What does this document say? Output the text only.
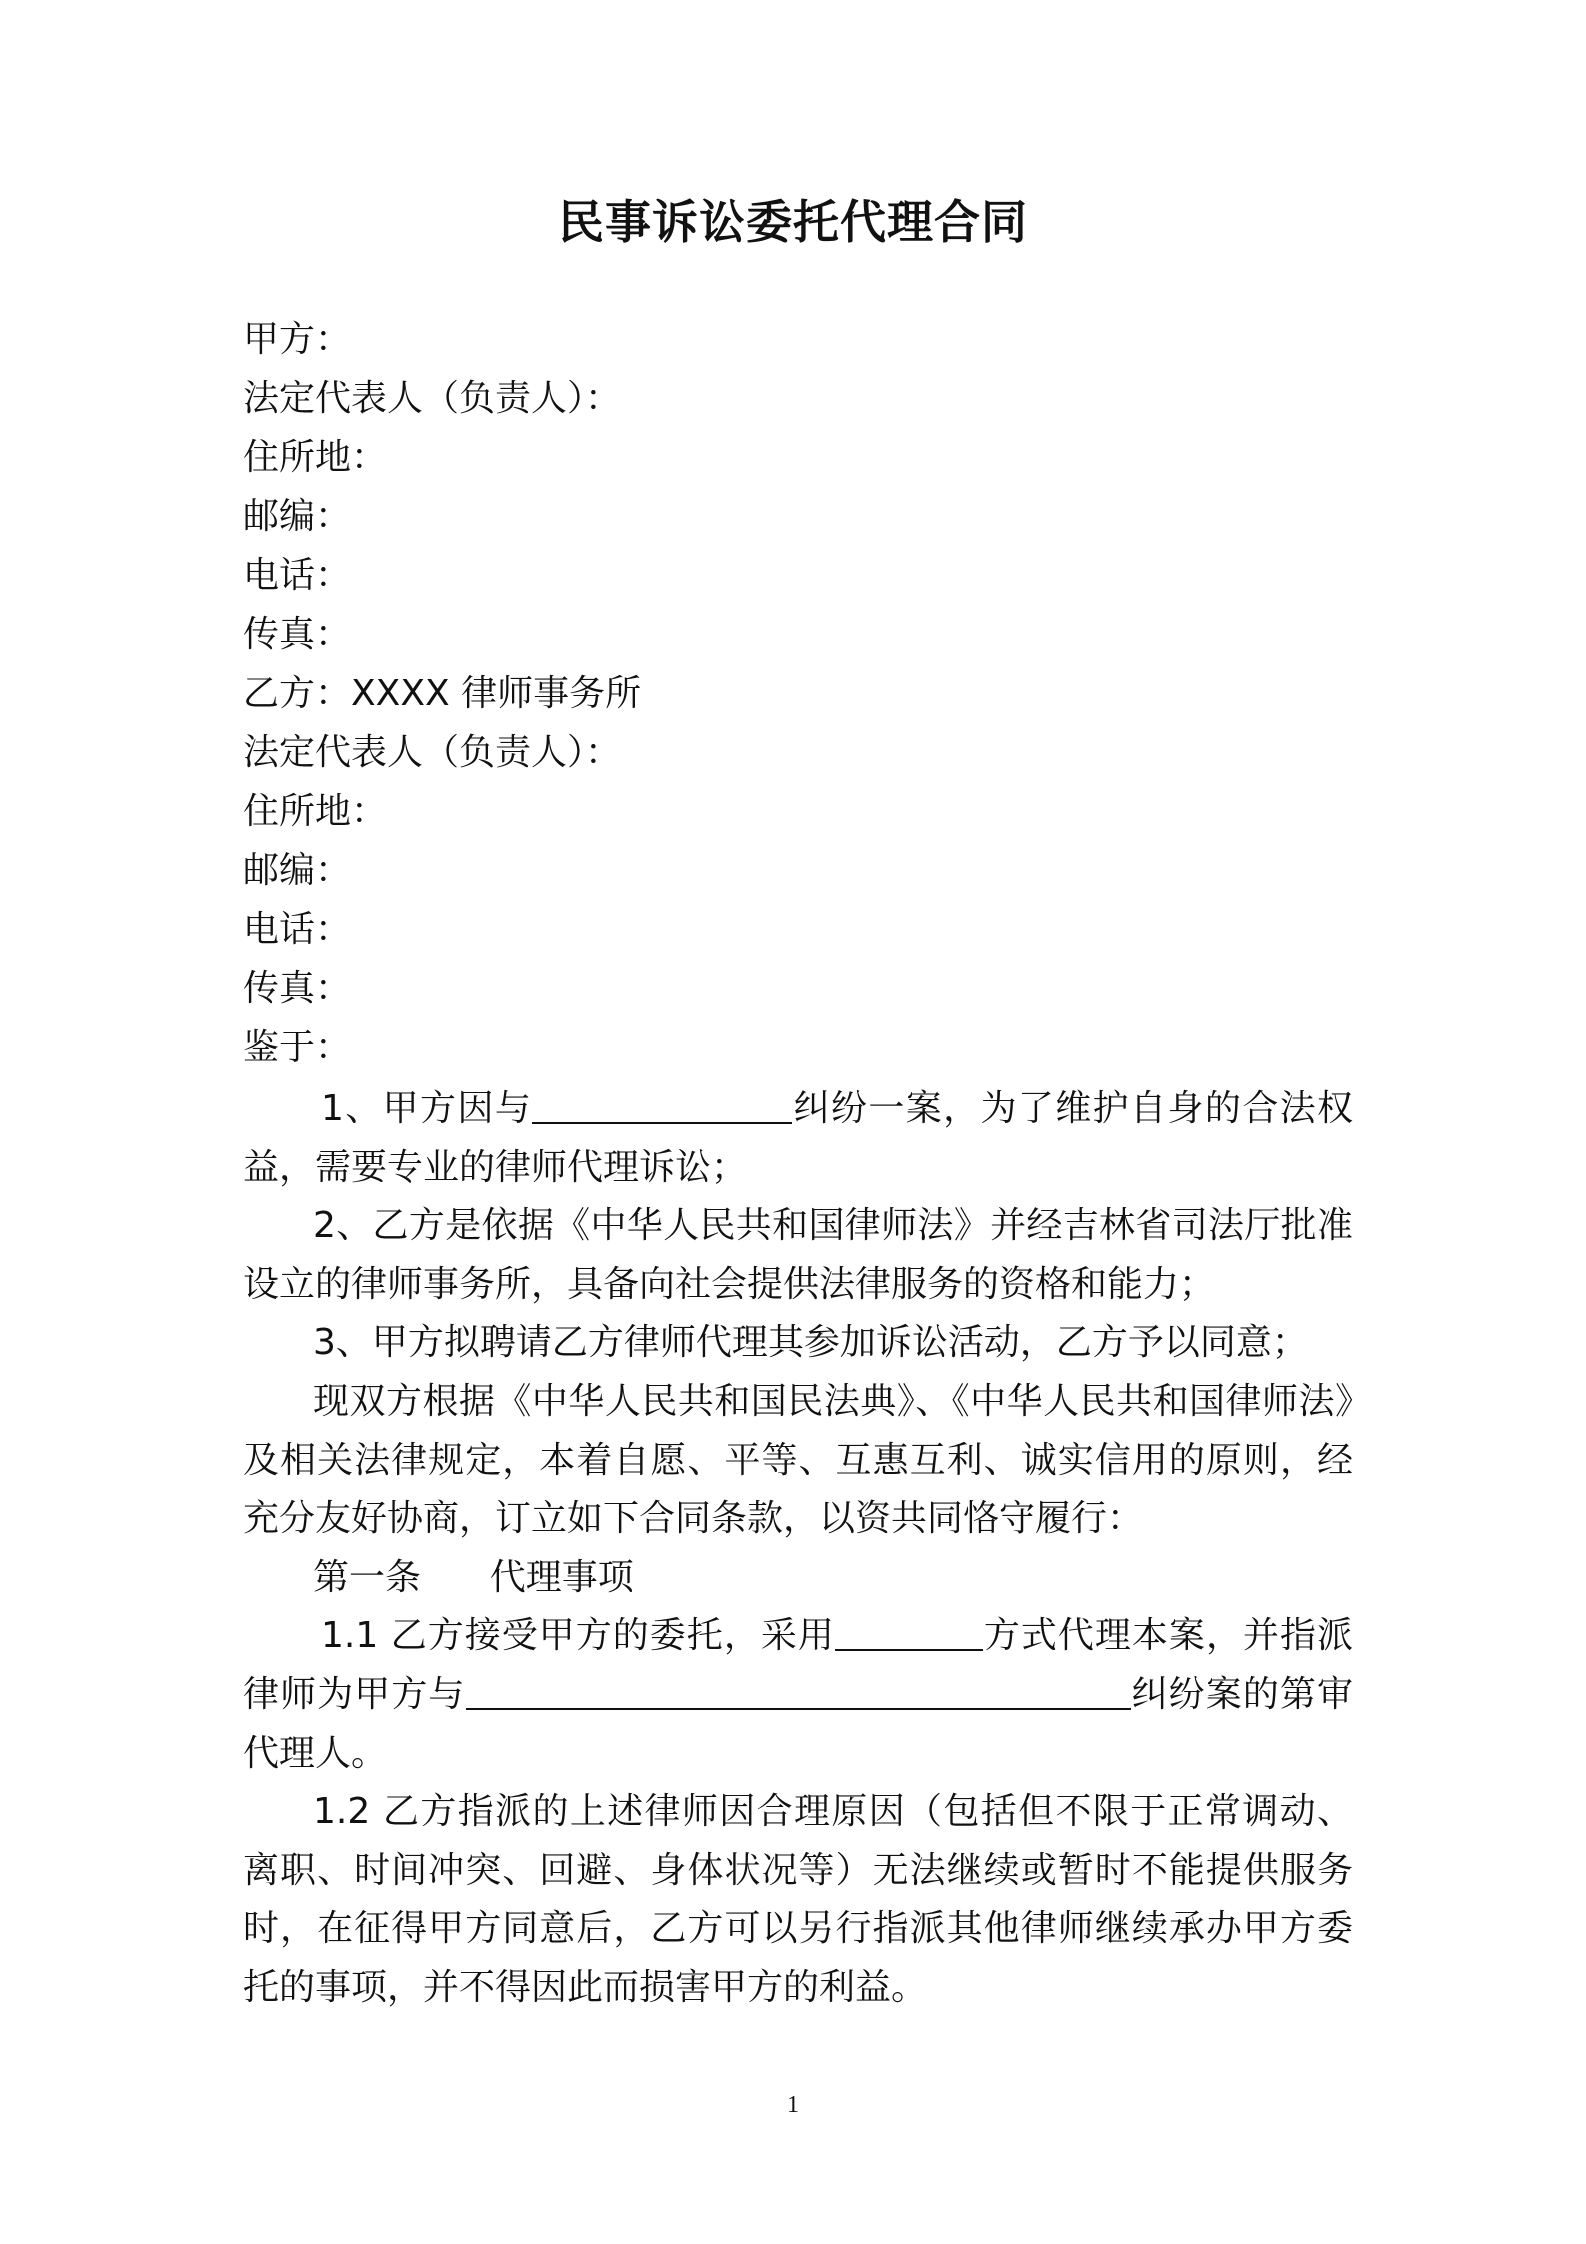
民事诉讼委托代理合同
甲方：
法定代表人（负责人）：
住所地：
邮编：
电话：
传真：
乙方：XXXX 律师事务所
法定代表人（负责人）：
住所地：
邮编：
电话：
传真：
鉴于：

1、甲方因与	纠纷一案，为了维护自身的合法权益，需要专业的律师代理诉讼；

2、乙方是依据《中华人民共和国律师法》并经吉林省司法厅批准设立的律师事务所，具备向社会提供法律服务的资格和能力；

3、甲方拟聘请乙方律师代理其参加诉讼活动，乙方予以同意；

现双方根据《中华人民共和国民法典》、《中华人民共和国律师法》及相关法律规定，本着自愿、平等、互惠互利、诚实信用的原则，经充分友好协商，订立如下合同条款，以资共同恪守履行：

第一条 代理事项

1.1 乙方接受甲方的委托，采用	方式代理本案，并指派律师为甲方与	纠纷案的第审代理人。

1.2 乙方指派的上述律师因合理原因（包括但不限于正常调动、离职、时间冲突、回避、身体状况等）无法继续或暂时不能提供服务时，在征得甲方同意后，乙方可以另行指派其他律师继续承办甲方委托的事项，并不得因此而损害甲方的利益。

1
